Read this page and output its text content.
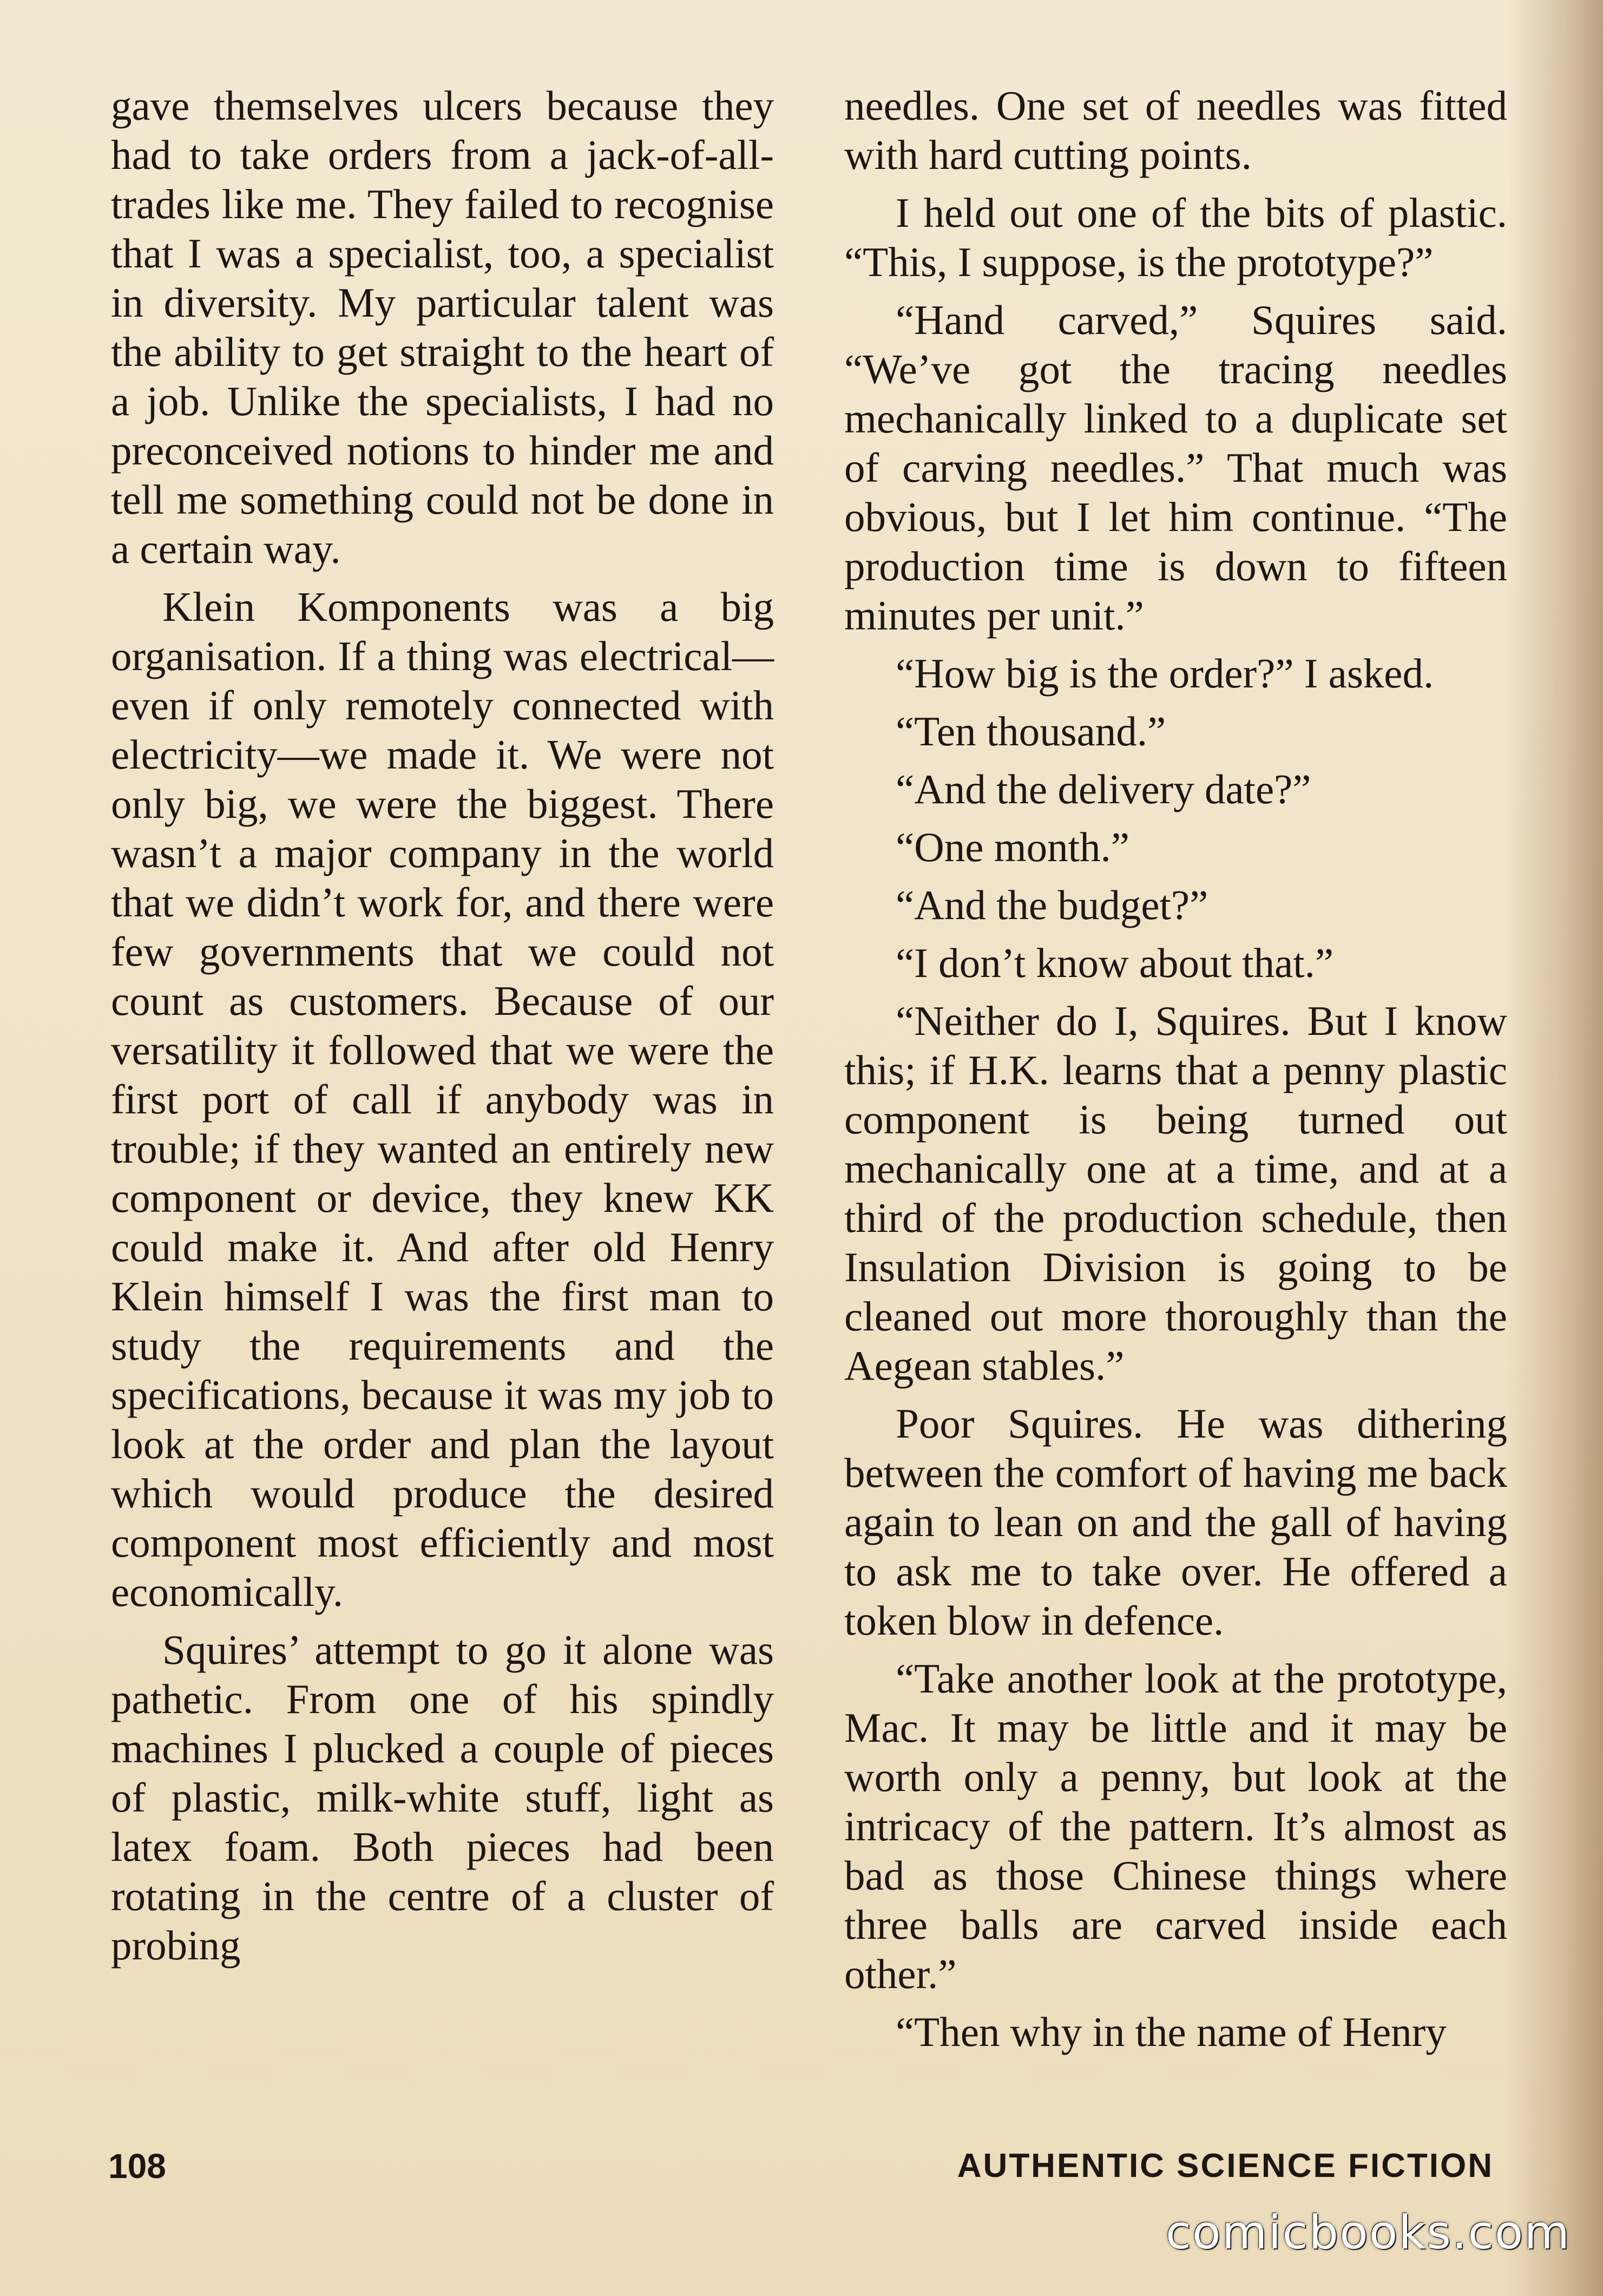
gave themselves ulcers because they had to take orders from a jack-of-all-trades like me. They failed to recognise that I was a specialist, too, a specialist in diversity. My particular talent was the ability to get straight to the heart of a job. Unlike the specialists, I had no preconceived notions to hinder me and tell me something could not be done in a certain way.

Klein Komponents was a big organisation. If a thing was electrical—even if only remotely connected with electricity—we made it. We were not only big, we were the biggest. There wasn’t a major company in the world that we didn’t work for, and there were few governments that we could not count as customers. Because of our versatility it followed that we were the first port of call if anybody was in trouble; if they wanted an entirely new component or device, they knew KK could make it. And after old Henry Klein himself I was the first man to study the requirements and the specifications, because it was my job to look at the order and plan the layout which would produce the desired component most efficiently and most economically.

Squires’ attempt to go it alone was pathetic. From one of his spindly machines I plucked a couple of pieces of plastic, milk-white stuff, light as latex foam. Both pieces had been rotating in the centre of a cluster of probing

needles. One set of needles was fitted with hard cutting points.

I held out one of the bits of plastic. “This, I suppose, is the prototype?”

“Hand carved,” Squires said. “We’ve got the tracing needles mechanically linked to a duplicate set of carving needles.” That much was obvious, but I let him continue. “The production time is down to fifteen minutes per unit.”

“How big is the order?” I asked.

“Ten thousand.”

“And the delivery date?”

“One month.”

“And the budget?”

“I don’t know about that.”

“Neither do I, Squires. But I know this; if H.K. learns that a penny plastic component is being turned out mechanically one at a time, and at a third of the production schedule, then Insulation Division is going to be cleaned out more thoroughly than the Aegean stables.”

Poor Squires. He was dithering between the comfort of having me back again to lean on and the gall of having to ask me to take over. He offered a token blow in defence.

“Take another look at the prototype, Mac. It may be little and it may be worth only a penny, but look at the intricacy of the pattern. It’s almost as bad as those Chinese things where three balls are carved inside each other.”

“Then why in the name of Henry

108	AUTHENTIC SCIENCE FICTION
comicbooks.com
